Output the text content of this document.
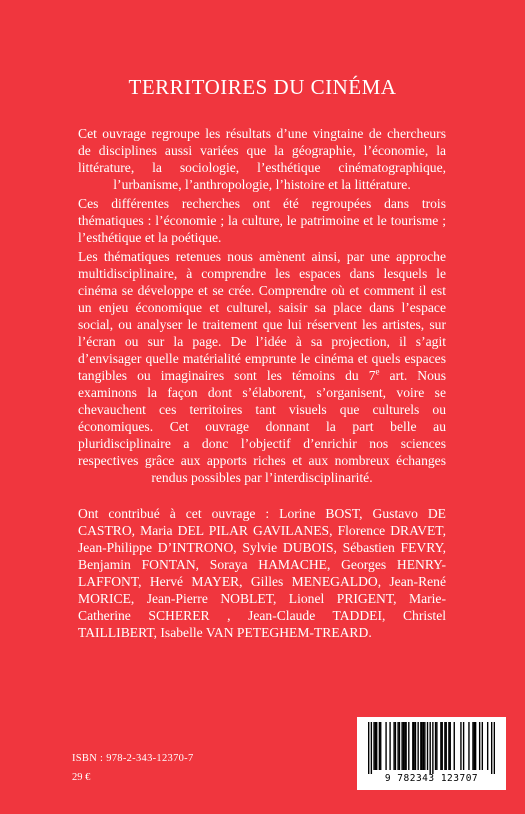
TERRITOIRES DU CINÉMA

Cet ouvrage regroupe les résultats d’une vingtaine de chercheurs de disciplines aussi variées que la géographie, l’économie, la littérature, la sociologie, l’esthétique cinématographique, l’urbanisme, l’anthropologie, l’histoire et la littérature.

Ces différentes recherches ont été regroupées dans trois thématiques : l’économie ; la culture, le patrimoine et le tourisme ; l’esthétique et la poétique.

Les thématiques retenues nous amènent ainsi, par une approche multidisciplinaire, à comprendre les espaces dans lesquels le cinéma se développe et se crée. Comprendre où et comment il est un enjeu économique et culturel, saisir sa place dans l’espace social, ou analyser le traitement que lui réservent les artistes, sur l’écran ou sur la page. De l’idée à sa projection, il s’agit d’envisager quelle matérialité emprunte le cinéma et quels espaces tangibles ou imaginaires sont les témoins du 7e art. Nous examinons la façon dont s’élaborent, s’organisent, voire se chevauchent ces territoires tant visuels que culturels ou économiques. Cet ouvrage donnant la part belle au pluridisciplinaire a donc l’objectif d’enrichir nos sciences respectives grâce aux apports riches et aux nombreux échanges rendus possibles par l’interdisciplinarité.

Ont contribué à cet ouvrage : Lorine BOST, Gustavo DE CASTRO, Maria DEL PILAR GAVILANES, Florence DRAVET, Jean-Philippe D’INTRONO, Sylvie DUBOIS, Sébastien FEVRY, Benjamin FONTAN, Soraya HAMACHE, Georges HENRY-LAFFONT, Hervé MAYER, Gilles MENEGALDO, Jean-René MORICE, Jean-Pierre NOBLET, Lionel PRIGENT, Marie-Catherine SCHERER , Jean-Claude TADDEI, Christel TAILLIBERT, Isabelle VAN PETEGHEM-TREARD.

ISBN : 978-2-343-12370-7
29 €	9 782343 123707
